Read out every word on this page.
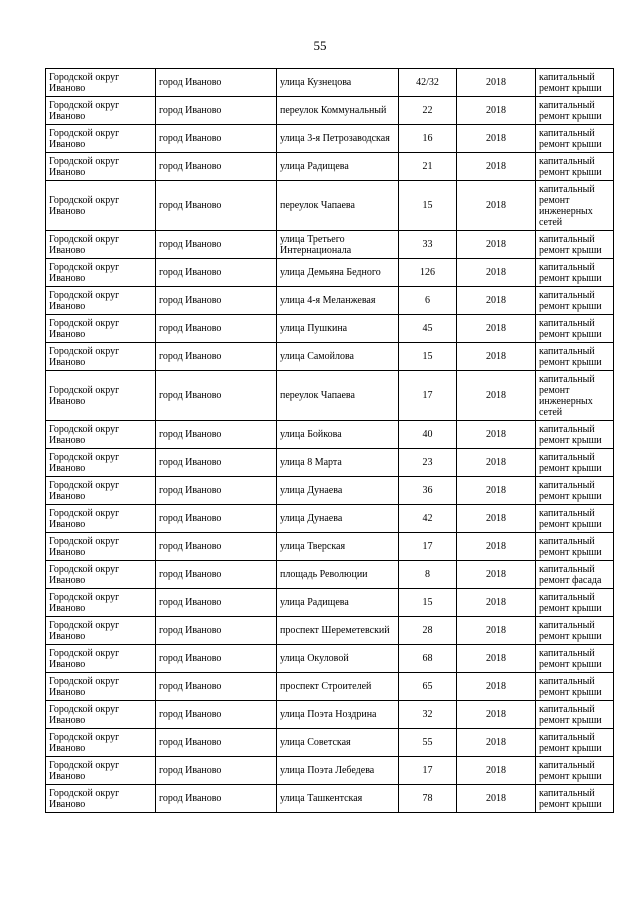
55
Городской округ Иваново	город Иваново	улица Кузнецова	42/32	2018	капитальный ремонт крыши
Городской округ Иваново	город Иваново	переулок Коммунальный	22	2018	капитальный ремонт крыши
Городской округ Иваново	город Иваново	улица 3-я Петрозаводская	16	2018	капитальный ремонт крыши
Городской округ Иваново	город Иваново	улица Радищева	21	2018	капитальный ремонт крыши
Городской округ Иваново	город Иваново	переулок Чапаева	15	2018	капитальный ремонт инженерных сетей
Городской округ Иваново	город Иваново	улица Третьего Интернационала	33	2018	капитальный ремонт крыши
Городской округ Иваново	город Иваново	улица Демьяна Бедного	126	2018	капитальный ремонт крыши
Городской округ Иваново	город Иваново	улица 4-я Меланжевая	6	2018	капитальный ремонт крыши
Городской округ Иваново	город Иваново	улица Пушкина	45	2018	капитальный ремонт крыши
Городской округ Иваново	город Иваново	улица Самойлова	15	2018	капитальный ремонт крыши
Городской округ Иваново	город Иваново	переулок Чапаева	17	2018	капитальный ремонт инженерных сетей
Городской округ Иваново	город Иваново	улица Бойкова	40	2018	капитальный ремонт крыши
Городской округ Иваново	город Иваново	улица 8 Марта	23	2018	капитальный ремонт крыши
Городской округ Иваново	город Иваново	улица Дунаева	36	2018	капитальный ремонт крыши
Городской округ Иваново	город Иваново	улица Дунаева	42	2018	капитальный ремонт крыши
Городской округ Иваново	город Иваново	улица Тверская	17	2018	капитальный ремонт крыши
Городской округ Иваново	город Иваново	площадь Революции	8	2018	капитальный ремонт фасада
Городской округ Иваново	город Иваново	улица Радищева	15	2018	капитальный ремонт крыши
Городской округ Иваново	город Иваново	проспект Шереметевский	28	2018	капитальный ремонт крыши
Городской округ Иваново	город Иваново	улица Окуловой	68	2018	капитальный ремонт крыши
Городской округ Иваново	город Иваново	проспект Строителей	65	2018	капитальный ремонт крыши
Городской округ Иваново	город Иваново	улица Поэта Ноздрина	32	2018	капитальный ремонт крыши
Городской округ Иваново	город Иваново	улица Советская	55	2018	капитальный ремонт крыши
Городской округ Иваново	город Иваново	улица Поэта Лебедева	17	2018	капитальный ремонт крыши
Городской округ Иваново	город Иваново	улица Ташкентская	78	2018	капитальный ремонт крыши
